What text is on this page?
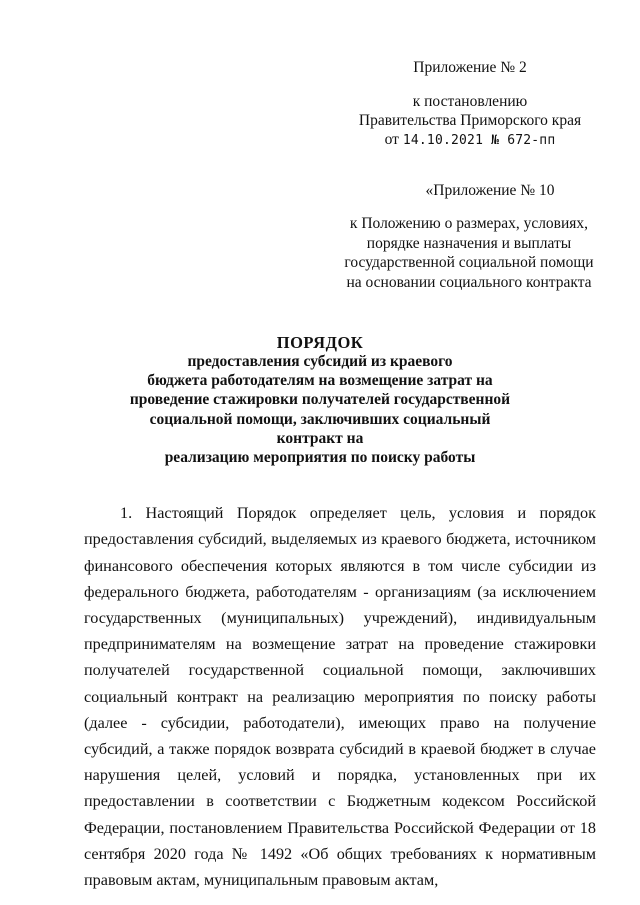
Приложение № 2
к постановлению
Правительства Приморского края
от 14.10.2021 № 672-пп
«Приложение № 10
к Положению о размерах, условиях,
порядке назначения и выплаты
государственной социальной помощи
на основании социального контракта
ПОРЯДОК
предоставления субсидий из краевого
бюджета работодателям на возмещение затрат на
проведение стажировки получателей государственной
социальной помощи, заключивших социальный контракт на
реализацию мероприятия по поиску работы

1. Настоящий Порядок определяет цель, условия и порядок предоставления субсидий, выделяемых из краевого бюджета, источником финансового обеспечения которых являются в том числе субсидии из федерального бюджета, работодателям - организациям (за исключением государственных (муниципальных) учреждений), индивидуальным предпринимателям на возмещение затрат на проведение стажировки получателей государственной социальной помощи, заключивших социальный контракт на реализацию мероприятия по поиску работы (далее - субсидии, работодатели), имеющих право на получение субсидий, а также порядок возврата субсидий в краевой бюджет в случае нарушения целей, условий и порядка, установленных при их предоставлении в соответствии с Бюджетным кодексом Российской Федерации, постановлением Правительства Российской Федерации от 18 сентября 2020 года № 1492 «Об общих требованиях к нормативным правовым актам, муниципальным правовым актам,
